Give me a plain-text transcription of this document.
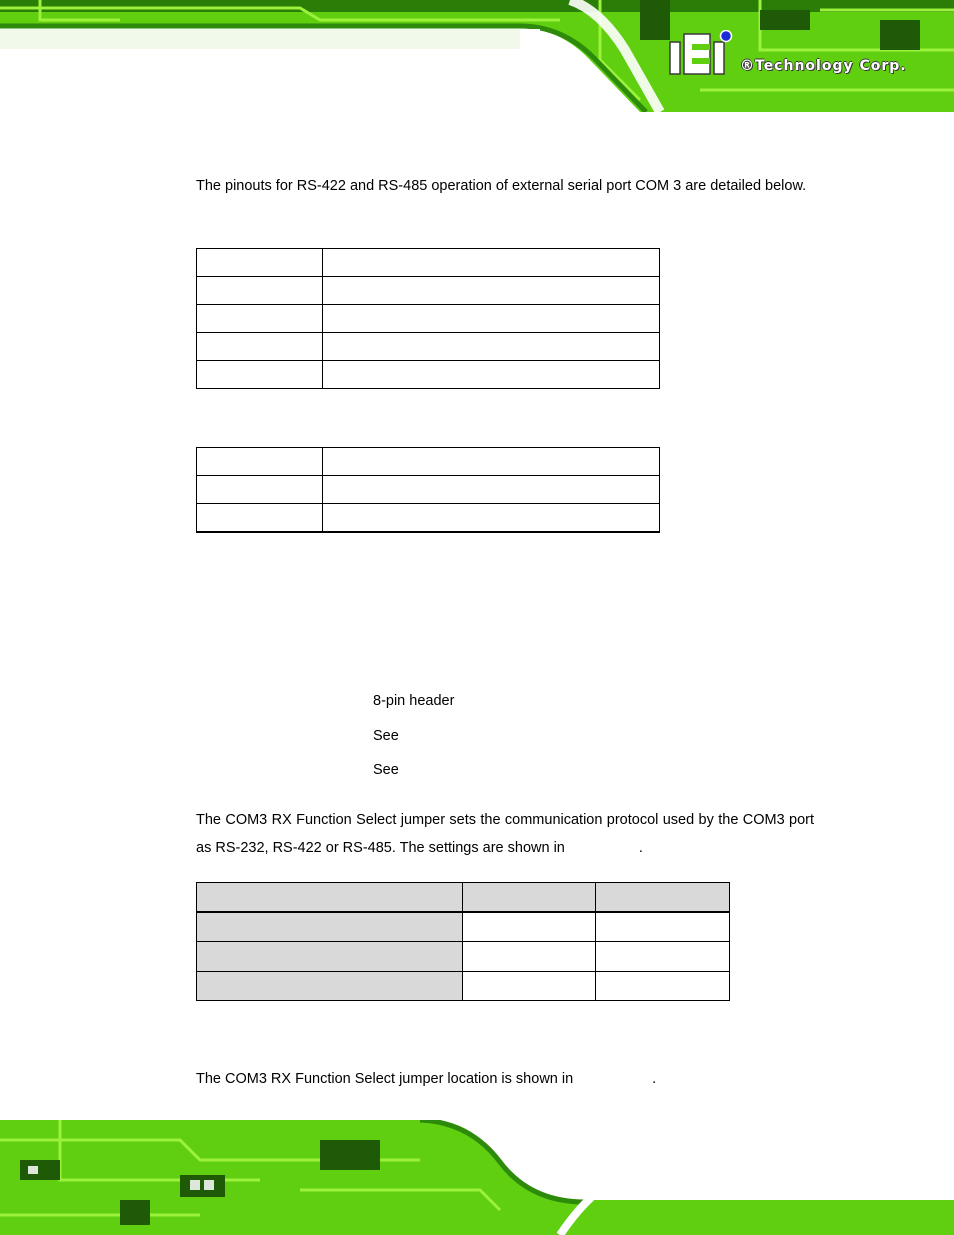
®Technology Corp.
The pinouts for RS-422 and RS-485 operation of external serial port COM 3 are detailed below.

8-pin header
See
See
The COM3 RX Function Select jumper sets the communication protocol used by the COM3 port as RS-232, RS-422 or RS-485. The settings are shown in	.

The COM3 RX Function Select jumper location is shown in	.
